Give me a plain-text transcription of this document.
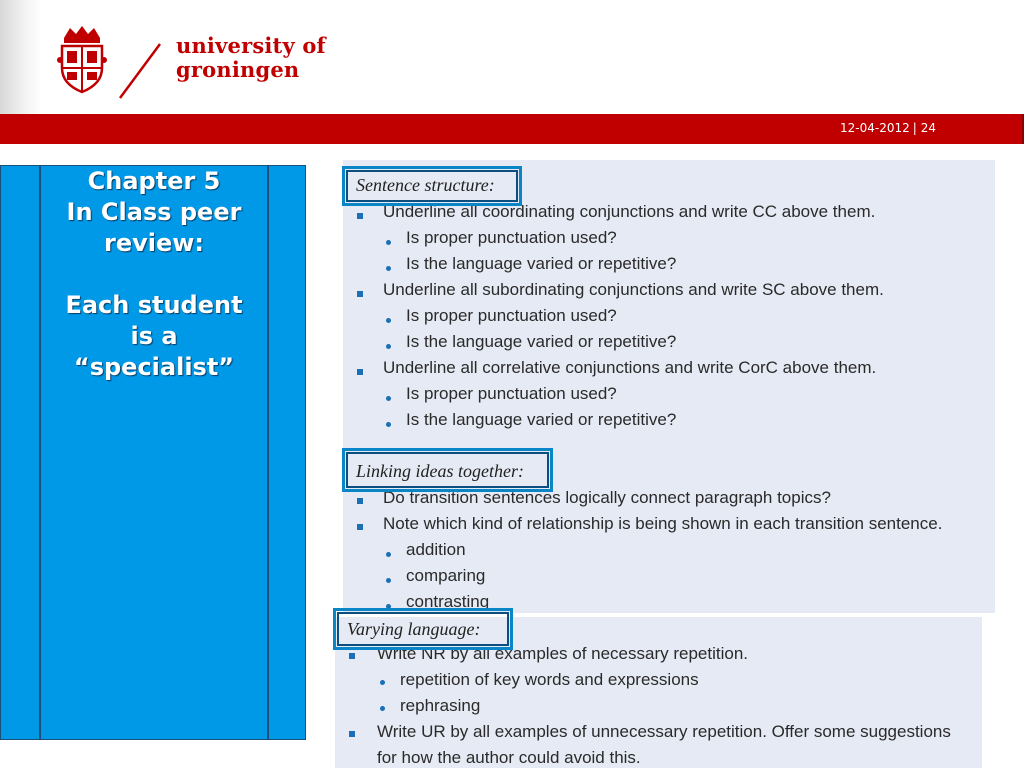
university of
groningen
12-04-2012 | 24
Chapter 5
In Class peer
review:
Each student
is a
“specialist”
Underline all coordinating conjunctions and write CC above them.
Is proper punctuation used?
Is the language varied or repetitive?
Underline all subordinating conjunctions and write SC above them.
Is proper punctuation used?
Is the language varied or repetitive?
Underline all correlative conjunctions and write CorC above them.
Is proper punctuation used?
Is the language varied or repetitive?
Do transition sentences logically connect paragraph topics?
Note which kind of relationship is being shown in each transition sentence.
addition
comparing
contrasting
Write NR by all examples of necessary repetition.
repetition of key words and expressions
rephrasing
Write UR by all examples of unnecessary repetition. Offer some suggestions
for how the author could avoid this.
Sentence structure:
Linking ideas together:
Varying language:
